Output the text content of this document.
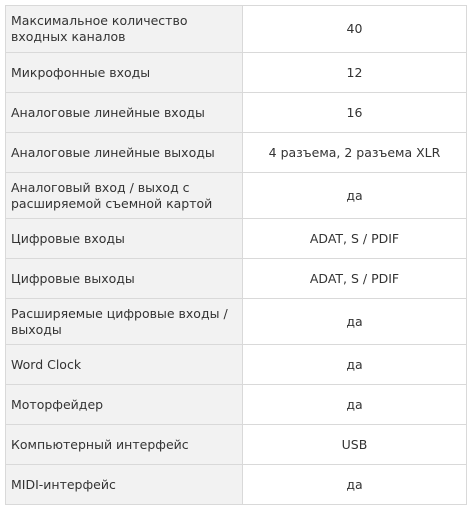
Максимальное количество входных каналов	40
Микрофонные входы	12
Аналоговые линейные входы	16
Аналоговые линейные выходы	4 разъема, 2 разъема XLR
Аналоговый вход / выход с расширяемой съемной картой	да
Цифровые входы	ADAT, S / PDIF
Цифровые выходы	ADAT, S / PDIF
Расширяемые цифровые входы / выходы	да
Word Clock	да
Моторфейдер	да
Компьютерный интерфейс	USB
MIDI-интерфейс	да
